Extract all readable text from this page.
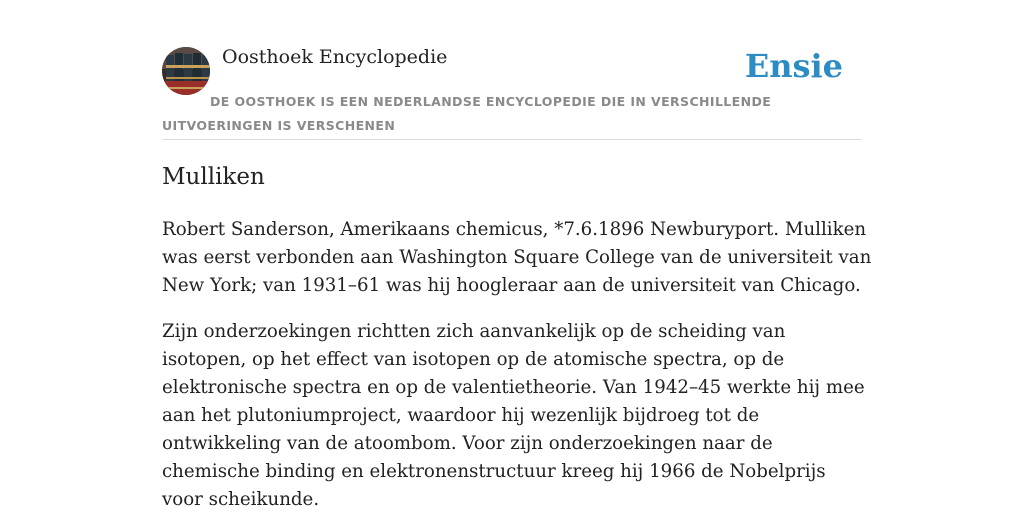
Oosthoek Encyclopedie	Ensie

DE OOSTHOEK IS EEN NEDERLANDSE ENCYCLOPEDIE DIE IN VERSCHILLENDE UITVOERINGEN IS VERSCHENEN

Mulliken

Robert Sanderson, Amerikaans chemicus, *7.6.1896 Newburyport. Mulliken was eerst verbonden aan Washington Square College van de universiteit van New York; van 1931–61 was hij hoogleraar aan de universiteit van Chicago.

Zijn onderzoekingen richtten zich aanvankelijk op de scheiding van isotopen, op het effect van isotopen op de atomische spectra, op de elektronische spectra en op de valentietheorie. Van 1942–45 werkte hij mee aan het plutoniumproject, waardoor hij wezenlijk bijdroeg tot de ontwikkeling van de atoombom. Voor zijn onderzoekingen naar de chemische binding en elektronenstructuur kreeg hij 1966 de Nobelprijs voor scheikunde.
